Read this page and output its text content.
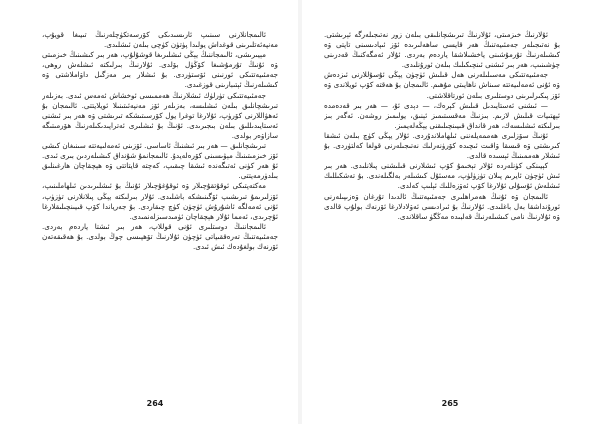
ئالىمجانلارنى سىنىپ ئارىسىدىكى كۆرسەتكۈچلەرنىڭ تىيىغا قويۇپ، مەنپەئەتلىرىنى قوغداش يولىدا پۈتۈن كۈچى بىلەن ئىشلىدى.

مېيىرىشى، ئالىمجاننىڭ يېڭى ئىشلىرىغا قوشۇلۇپ، ھەر بىر كىشىنىڭ خىزمىتى ۋە ئۇنىڭ تۇرمۇشىغا كۆڭۈل بۆلدى. ئۇلارنىڭ بىرلىكتە ئىشلەش روھى، جەمئىيەتتىكى ئورنىنى ئۆستۈردى. بۇ ئىشلار بىر مەزگىل داۋاملاشتى ۋە كىشىلەرنىڭ ئېتىبارىنى قوزغىدى.

جەمئىيەتتىكى تۈرلۈك ئىشلارنىڭ ھەممىسى ئوخشاش ئەمەس ئىدى. بەزىلەر تىرىشچانلىق بىلەن ئىشلىسە، بەزىلەر ئۆز مەنپەئىتىنىلا ئويلايتتى. ئالىمجان بۇ ئەھۋاللارنى كۆرۈپ، ئۇلارغا توغرا يول كۆرسىتىشكە تىرىشتى ۋە ھەر بىر ئىشنى ئەستايىدىللىق بىلەن بىجىرىدى. ئۇنىڭ بۇ ئىشلىرى ئەتراپىدىكىلەرنىڭ ھۆرمىتىگە سازاۋەر بولدى.

تىرىشچانلىق — ھەر بىر ئىشنىڭ ئاساسى. ئۆزىنى ئەمەلىيەتتە سىنىغان كىشى ئۆز خىزمىتىنىڭ مېۋىسىنى كۆرەلەيدۇ. ئالىمجانمۇ شۇنداق كىشىلەردىن بىرى ئىدى. ئۇ ھەر كۈنى ئەتىگەندە ئىشقا چىقىپ، كەچتە قايتاتتى ۋە ھېچقاچان ھارغىنلىق بىلدۈرمەيتتى.

مەكتەپتىكى ئوقۇتقۇچىلار ۋە ئوقۇغۇچىلار ئۇنىڭ بۇ ئىشلىرىدىن ئىلھاملىنىپ، ئۆزلىرىمۇ تىرىشىپ ئۆگىنىشكە باشلىدى. ئۇلار بىرلىكتە يېڭى پىلانلارنى تۈزۈپ، ئۇنى ئەمەلگە ئاشۇرۇش ئۈچۈن كۈچ چىقاردى. بۇ جەرياندا كۆپ قىيىنچىلىقلارغا ئۇچرىدى، ئەمما ئۇلار ھېچقاچان ئۈمىدسىزلەنمىدى.

ئالىمجاننىڭ دوستلىرى ئۇنى قوللاپ، ھەر بىر ئىشتا ياردەم بەردى. جەمئىيەتنىڭ تەرەققىياتى ئۈچۈن ئۇلارنىڭ تۆھپىسى چوڭ بولدى. بۇ ھەقىقەتەن ئۆرنەك بولغۇدەك ئىش ئىدى.

264

ئۇلارنىڭ خىزمىتى، ئۇلارنىڭ تىرىشچانلىقى بىلەن زور نەتىجىلەرگە ئېرىشتى. بۇ نەتىجىلەر جەمئىيەتنىڭ ھەر قايسى ساھەلىرىدە ئۆز ئىپادىسىنى تاپتى ۋە كىشىلەرنىڭ تۇرمۇشىنى ياخشىلاشقا ياردەم بەردى. ئۇلار ئەمگەكنىڭ قەدرىنى چۈشىنىپ، ھەر بىر ئىشنى ئىنچىكىلىك بىلەن ئورۇنلىدى.

جەمئىيەتتىكى مەسىلىلەرنى ھەل قىلىش ئۈچۈن يېڭى ئۇسۇللارنى ئىزدەش ۋە ئۇنى ئەمەلىيەتتە سىناش ناھايىتى مۇھىم. ئالىمجان بۇ ھەقتە كۆپ ئويلاندى ۋە ئۆز پىكىرلىرىنى دوستلىرى بىلەن ئورتاقلاشتى.

— ئىشنى ئەستايىدىل قىلىش كېرەك، — دېدى ئۇ، — ھەر بىر قەدەمدە ئېھتىيات قىلىش لازىم. بىزنىڭ مەقسىتىمىز ئېنىق، يولىمىز روشەن. ئەگەر بىز بىرلىكتە ئىشلىسەك، ھەر قانداق قىيىنچىلىقنى يېڭەلەيمىز.

ئۇنىڭ سۆزلىرى ھەممەيلەننى ئىلھاملاندۇردى. ئۇلار يېڭى كۈچ بىلەن ئىشقا كىرىشتى ۋە قىسقا ۋاقىت ئىچىدە كۆرۈنەرلىك نەتىجىلەرنى قولغا كەلتۈردى. بۇ ئىشلار ھەممىنىڭ ئېسىدە قالدى.

كېيىنكى كۈنلەردە ئۇلار تېخىمۇ كۆپ ئىشلارنى قىلىشنى پىلانلىدى. ھەر بىر ئىش ئۈچۈن ئايرىم پىلان تۈزۈلۈپ، مەسئۇل كىشىلەر بەلگىلەندى. بۇ تەشكىللىك ئىشلەش ئۇسۇلى ئۇلارغا كۆپ ئەۋزەللىك ئېلىپ كەلدى.

ئالىمجان ۋە ئۇنىڭ ھەمراھلىرى جەمئىيەتنىڭ ئالدىدا تۇرغان ۋەزىپىلەرنى ئورۇنداشقا بەل باغلىدى. ئۇلارنىڭ بۇ ئىرادىسى ئەۋلادلارغا ئۆرنەك بولۇپ قالدى ۋە ئۇلارنىڭ نامى كىشىلەرنىڭ قەلبىدە مەڭگۈ ساقلاندى.

265
